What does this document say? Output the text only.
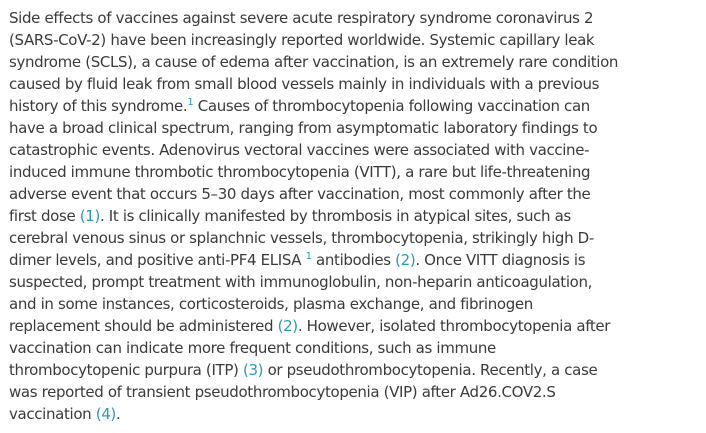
Side effects of vaccines against severe acute respiratory syndrome coronavirus 2
(SARS-CoV-2) have been increasingly reported worldwide. Systemic capillary leak
syndrome (SCLS), a cause of edema after vaccination, is an extremely rare condition
caused by fluid leak from small blood vessels mainly in individuals with a previous
history of this syndrome.$^1$ Causes of thrombocytopenia following vaccination can
have a broad clinical spectrum, ranging from asymptomatic laboratory findings to
catastrophic events. Adenovirus vectoral vaccines were associated with vaccine-
induced immune thrombotic thrombocytopenia (VITT), a rare but life-threatening
adverse event that occurs 5–30 days after vaccination, most commonly after the
first dose (1). It is clinically manifested by thrombosis in atypical sites, such as
cerebral venous sinus or splanchnic vessels, thrombocytopenia, strikingly high D-
dimer levels, and positive anti-PF4 ELISA $^1$ antibodies (2). Once VITT diagnosis is
suspected, prompt treatment with immunoglobulin, non-heparin anticoagulation,
and in some instances, corticosteroids, plasma exchange, and fibrinogen
replacement should be administered (2). However, isolated thrombocytopenia after
vaccination can indicate more frequent conditions, such as immune
thrombocytopenic purpura (ITP) (3) or pseudothrombocytopenia. Recently, a case
was reported of transient pseudothrombocytopenia (VIP) after Ad26.COV2.S
vaccination (4).
